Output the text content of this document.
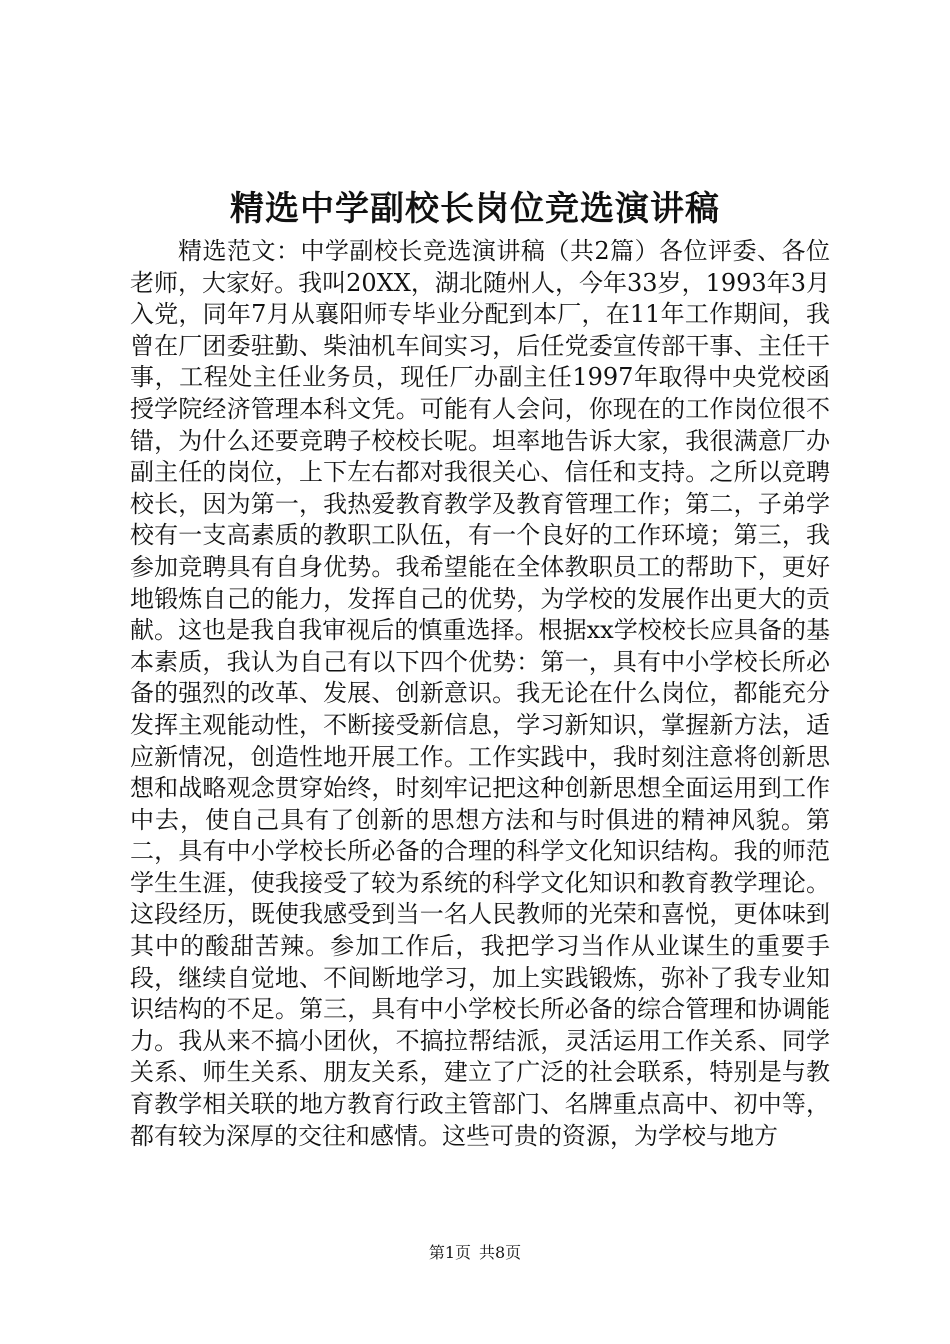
精选中学副校长岗位竞选演讲稿

精选范文：中学副校长竞选演讲稿（共2篇）各位评委、各位老师，大家好。我叫20XX，湖北随州人，今年33岁，1993年3月入党，同年7月从襄阳师专毕业分配到本厂，在11年工作期间，我曾在厂团委驻勤、柴油机车间实习，后任党委宣传部干事、主任干事，工程处主任业务员，现任厂办副主任1997年取得中央党校函授学院经济管理本科文凭。可能有人会问，你现在的工作岗位很不错，为什么还要竞聘子校校长呢。坦率地告诉大家，我很满意厂办副主任的岗位，上下左右都对我很关心、信任和支持。之所以竞聘校长，因为第一，我热爱教育教学及教育管理工作；第二，子弟学校有一支高素质的教职工队伍，有一个良好的工作环境；第三，我参加竞聘具有自身优势。我希望能在全体教职员工的帮助下，更好地锻炼自己的能力，发挥自己的优势，为学校的发展作出更大的贡献。这也是我自我审视后的慎重选择。根据xx学校校长应具备的基本素质，我认为自己有以下四个优势：第一，具有中小学校长所必备的强烈的改革、发展、创新意识。我无论在什么岗位，都能充分发挥主观能动性，不断接受新信息，学习新知识，掌握新方法，适应新情况，创造性地开展工作。工作实践中，我时刻注意将创新思想和战略观念贯穿始终，时刻牢记把这种创新思想全面运用到工作中去，使自己具有了创新的思想方法和与时俱进的精神风貌。第二，具有中小学校长所必备的合理的科学文化知识结构。我的师范学生生涯，使我接受了较为系统的科学文化知识和教育教学理论。这段经历，既使我感受到当一名人民教师的光荣和喜悦，更体味到其中的酸甜苦辣。参加工作后，我把学习当作从业谋生的重要手段，继续自觉地、不间断地学习，加上实践锻炼，弥补了我专业知识结构的不足。第三，具有中小学校长所必备的综合管理和协调能力。我从来不搞小团伙，不搞拉帮结派，灵活运用工作关系、同学关系、师生关系、朋友关系，建立了广泛的社会联系，特别是与教育教学相关联的地方教育行政主管部门、名牌重点高中、初中等，都有较为深厚的交往和感情。这些可贵的资源，为学校与地方

第1页 共8页
